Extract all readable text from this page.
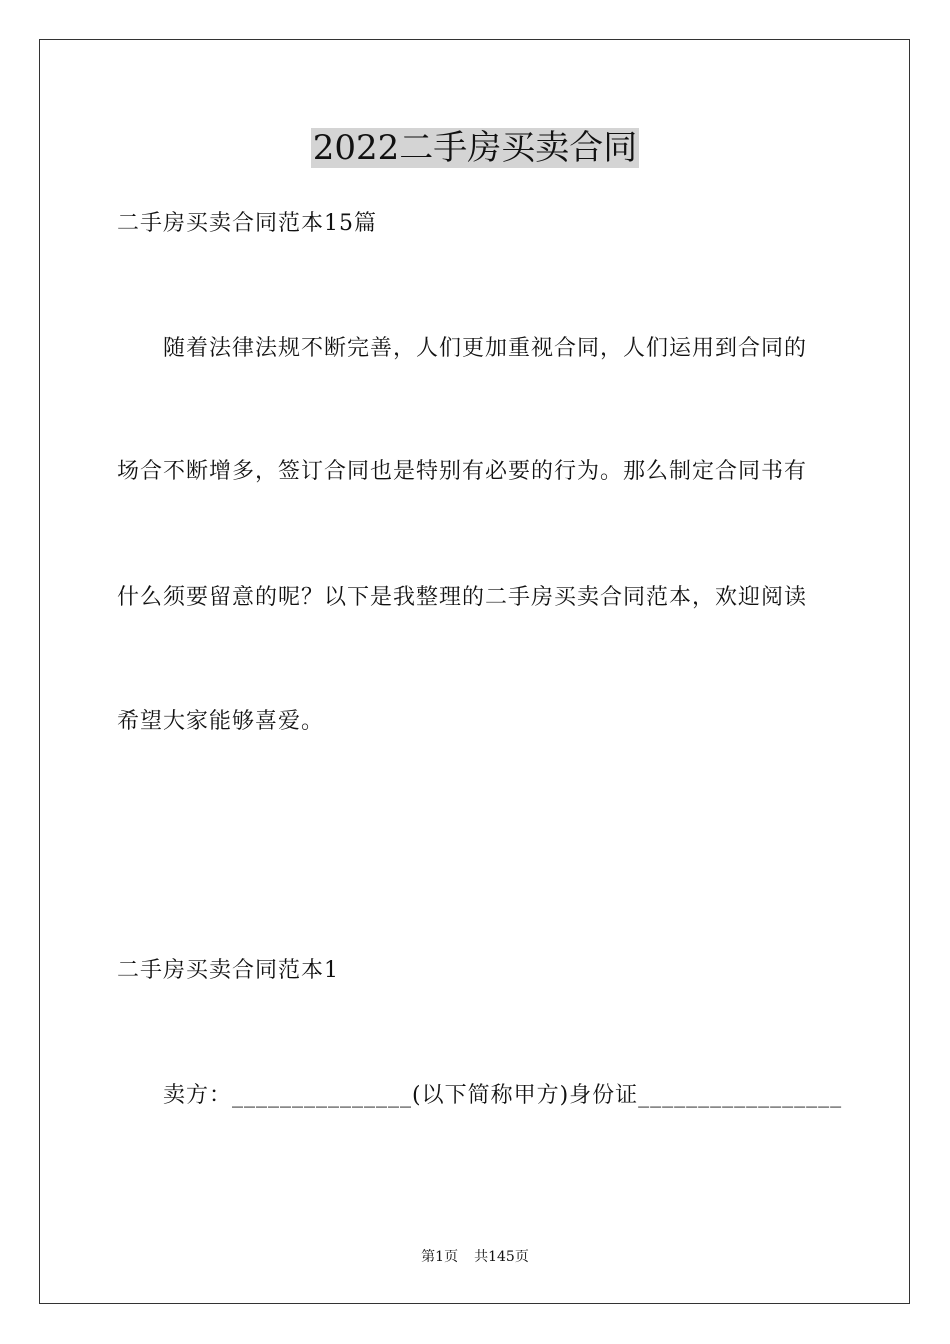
2022二手房买卖合同
二手房买卖合同范本15篇
随着法律法规不断完善，人们更加重视合同，人们运用到合同的
场合不断增多，签订合同也是特别有必要的行为。那么制定合同书有
什么须要留意的呢？以下是我整理的二手房买卖合同范本，欢迎阅读
希望大家能够喜爱。
二手房买卖合同范本1
卖方：_______________(以下简称甲方)身份证_________________
第1页 共145页
